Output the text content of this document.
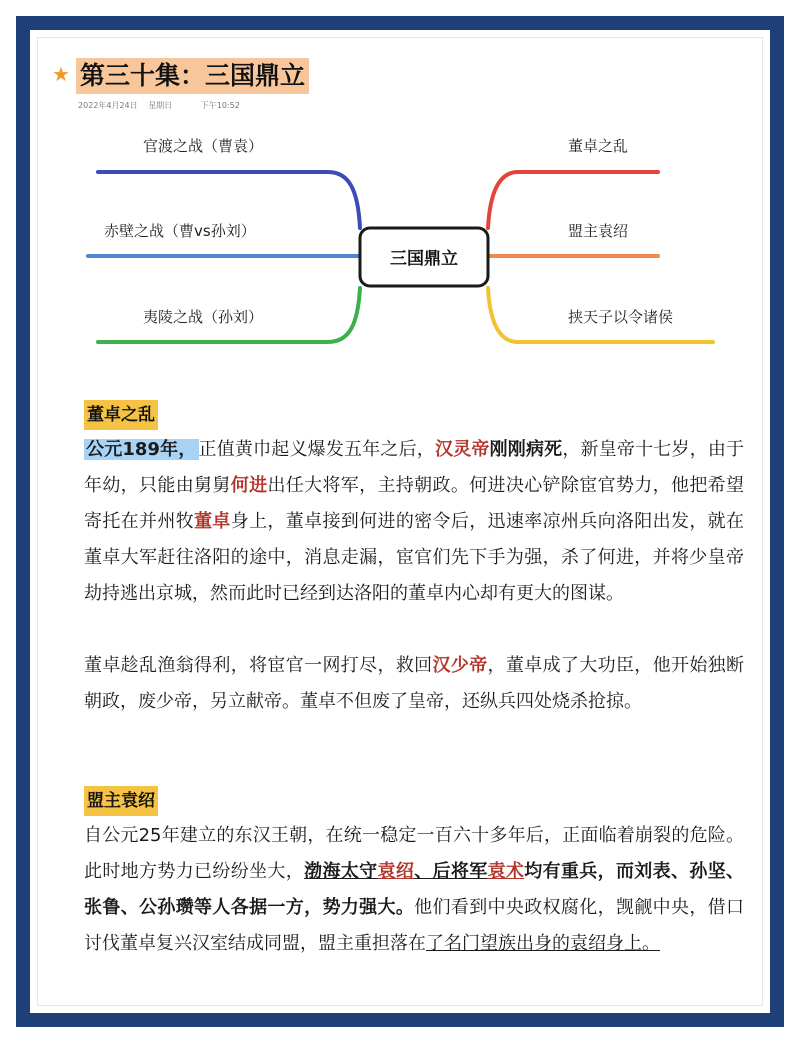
★ 第三十集：三国鼎立
2022年4月24日 星期日	下午10:52
三国鼎立
官渡之战（曹袁）
赤壁之战（曹vs孙刘）
夷陵之战（孙刘）
董卓之乱
盟主袁绍
挟天子以令诸侯
董卓之乱
公元189年， 正值黄巾起义爆发五年之后，汉灵帝刚刚病死，新皇帝十七岁，由于年幼，只能由舅舅何进出任大将军，主持朝政。何进决心铲除宦官势力，他把希望寄托在并州牧董卓身上，董卓接到何进的密令后，迅速率凉州兵向洛阳出发，就在董卓大军赶往洛阳的途中，消息走漏，宦官们先下手为强，杀了何进，并将少皇帝劫持逃出京城，然而此时已经到达洛阳的董卓内心却有更大的图谋。
董卓趁乱渔翁得利，将宦官一网打尽，救回汉少帝，董卓成了大功臣，他开始独断朝政，废少帝，另立献帝。董卓不但废了皇帝，还纵兵四处烧杀抢掠。
盟主袁绍
自公元25年建立的东汉王朝，在统一稳定一百六十多年后，正面临着崩裂的危险。此时地方势力已纷纷坐大，渤海太守袁绍、后将军袁术均有重兵，而刘表、孙坚、张鲁、公孙瓒等人各据一方，势力强大。他们看到中央政权腐化，觊觎中央，借口讨伐董卓复兴汉室结成同盟，盟主重担落在了名门望族出身的袁绍身上。
